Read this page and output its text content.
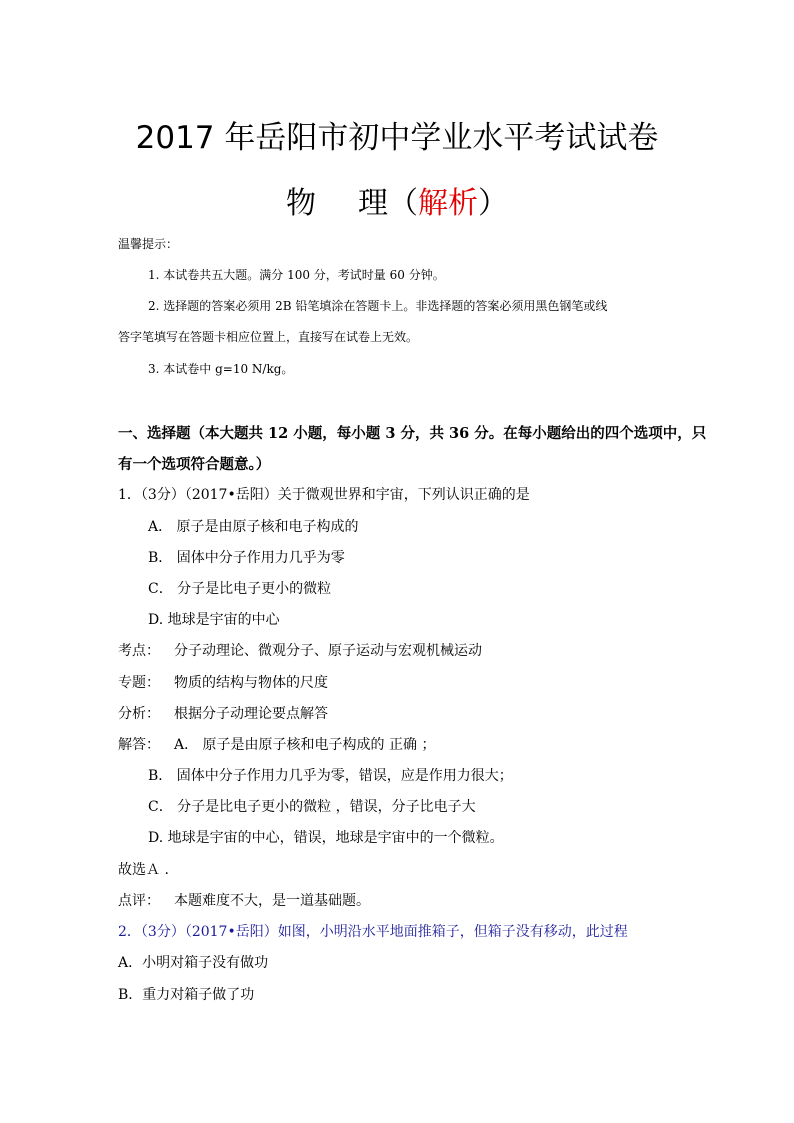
2017 年岳阳市初中学业水平考试试卷
物 理（解析）
温馨提示：
1. 本试卷共五大题。满分 100 分，考试时量 60 分钟。
2. 选择题的答案必须用 2B 铅笔填涂在答题卡上。非选择题的答案必须用黑色钢笔或线
答字笔填写在答题卡相应位置上，直接写在试卷上无效。
3. 本试卷中 g=10 N/kg。
一、选择题（本大题共 12 小题，每小题 3 分，共 36 分。在每小题给出的四个选项中，只
有一个选项符合题意。）
1．（3分）（2017•岳阳）关于微观世界和宇宙，下列认识正确的是
A． 原子是由原子核和电子构成的
B． 固体中分子作用力几乎为零
C． 分子是比电子更小的微粒
D. 地球是宇宙的中心
考点： 分子动理论、微观分子、原子运动与宏观机械运动
专题： 物质的结构与物体的尺度
分析： 根据分子动理论要点解答
解答： A． 原子是由原子核和电子构成的 正确 ；
B． 固体中分子作用力几乎为零，错误，应是作用力很大；
C． 分子是比电子更小的微粒 ，错误，分子比电子大
D. 地球是宇宙的中心，错误，地球是宇宙中的一个微粒。
故选Ａ .
点评： 本题难度不大，是一道基础题。
2．（3分）（2017•岳阳）如图，小明沿水平地面推箱子，但箱子没有移动，此过程
A．小明对箱子没有做功
B．重力对箱子做了功
